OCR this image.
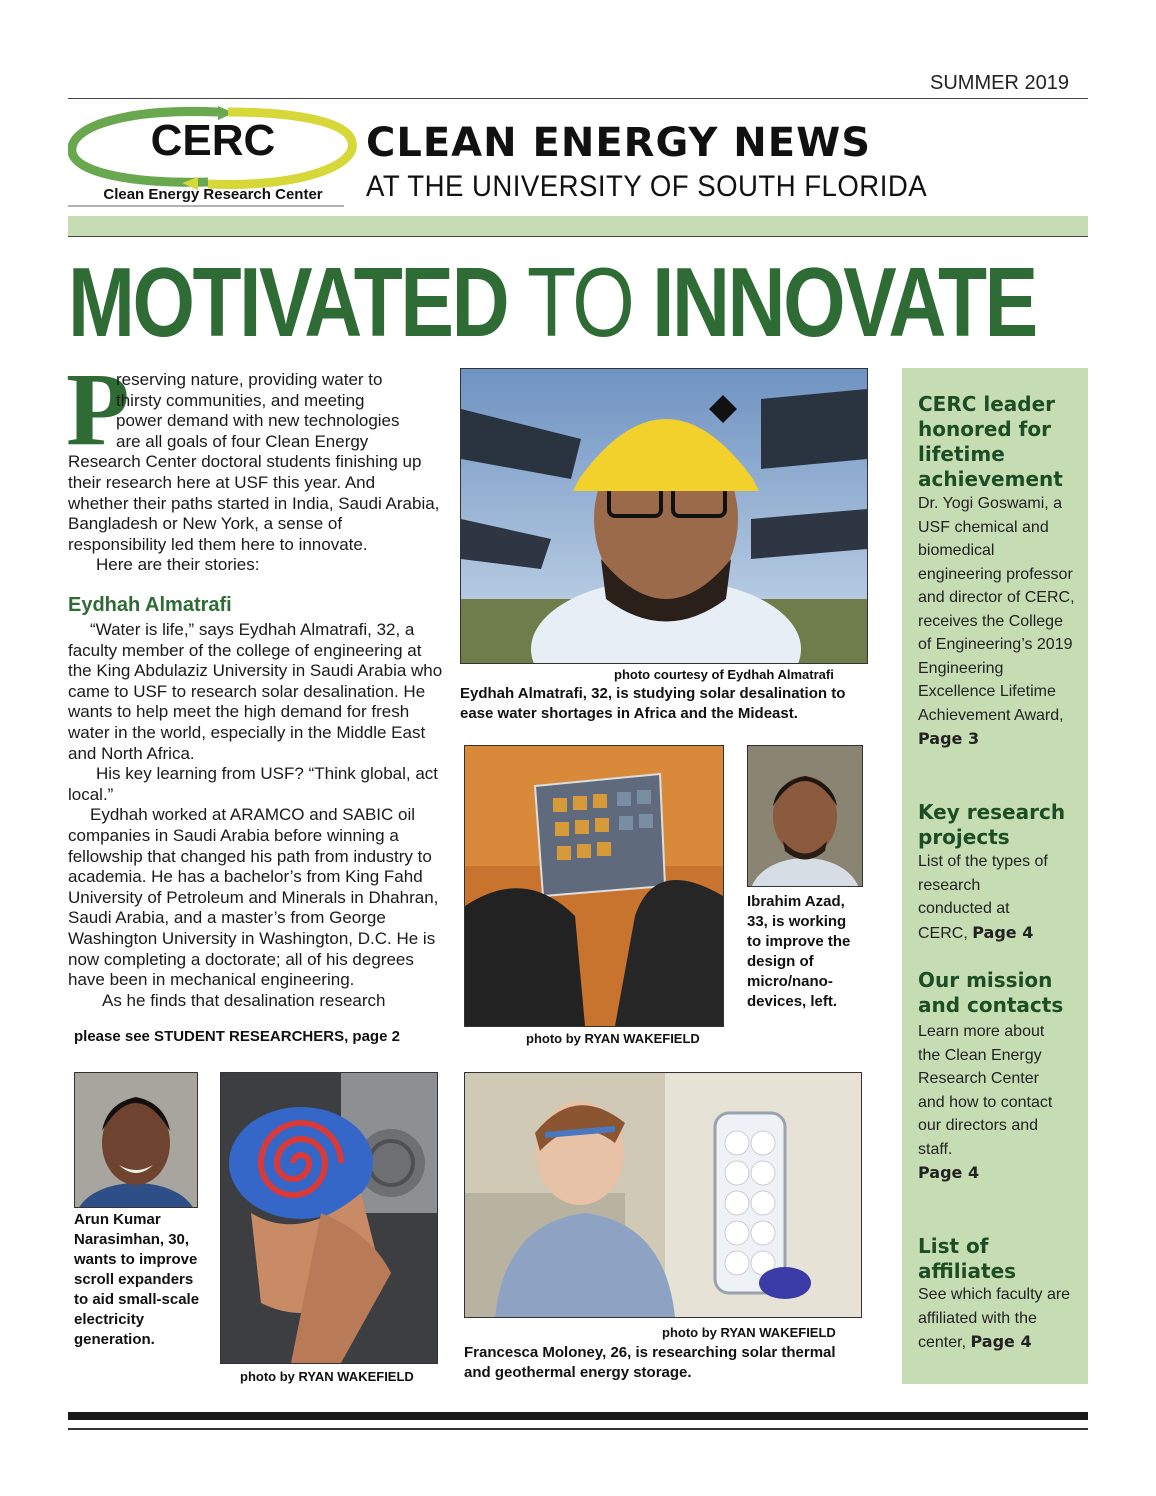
SUMMER 2019
CERC
Clean Energy Research Center
CLEAN ENERGY NEWS
AT THE UNIVERSITY OF SOUTH FLORIDA
MOTIVATED TO INNOVATE
P
reserving nature, providing water to
thirsty communities, and meeting
power demand with new technologies
are all goals of four Clean Energy
Research Center doctoral students finishing up their research here at USF this year. And whether their paths started in India, Saudi Arabia, Bangladesh or New York, a sense of responsibility led them here to innovate.
Here are their stories:
Eydhah Almatrafi
“Water is life,” says Eydhah Almatrafi, 32, a faculty member of the college of engineering at the King Abdulaziz University in Saudi Arabia who came to USF to research solar desalination. He wants to help meet the high demand for fresh water in the world, especially in the Middle East and North Africa.
His key learning from USF? “Think global, act local.”
Eydhah worked at ARAMCO and SABIC oil companies in Saudi Arabia before winning a fellowship that changed his path from industry to academia. He has a bachelor’s from King Fahd University of Petroleum and Minerals in Dhahran, Saudi Arabia, and a master’s from George Washington University in Washington, D.C. He is now completing a doctorate; all of his degrees have been in mechanical engineering.
As he finds that desalination research
please see STUDENT RESEARCHERS, page 2
photo courtesy of Eydhah Almatrafi
Eydhah Almatrafi, 32, is studying solar desalination to ease water shortages in Africa and the Mideast.
photo by RYAN WAKEFIELD
Ibrahim Azad, 33, is working to improve the design of micro/nano-devices, left.
Arun Kumar Narasimhan, 30, wants to improve scroll expanders to aid small-scale electricity generation.
photo by RYAN WAKEFIELD
photo by RYAN WAKEFIELD
Francesca Moloney, 26, is researching solar thermal and geothermal energy storage.
CERC leader honored for lifetime achievement
Dr. Yogi Goswami, a USF chemical and biomedical engineering professor and director of CERC, receives the College of Engineering’s 2019 Engineering Excellence Lifetime Achievement Award, Page 3
Key research projects
List of the types of research conducted at CERC, Page 4
Our mission and contacts
Learn more about the Clean Energy Research Center and how to contact our directors and staff.
Page 4
List of affiliates
See which faculty are affiliated with the center, Page 4
